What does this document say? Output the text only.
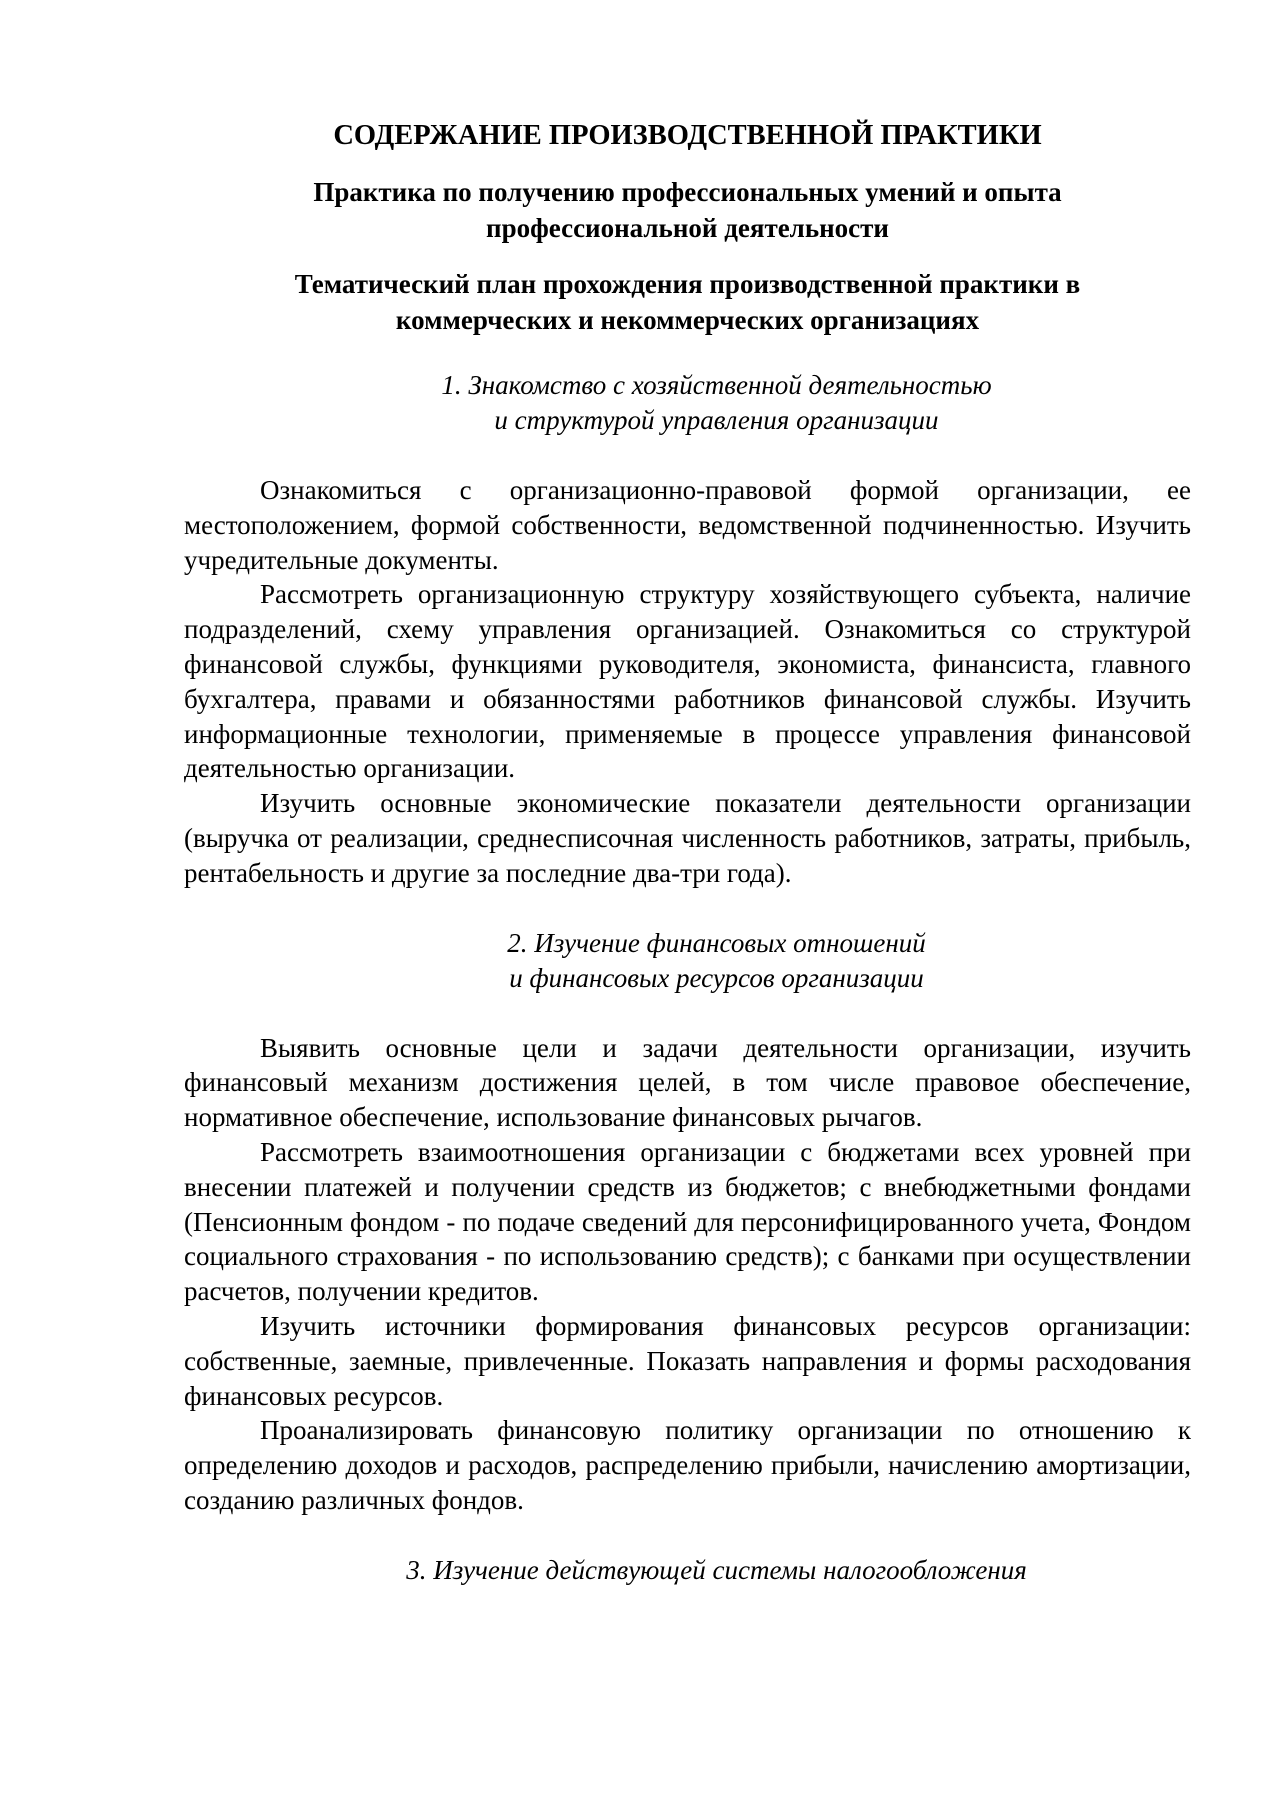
СОДЕРЖАНИЕ ПРОИЗВОДСТВЕННОЙ ПРАКТИКИ
Практика по получению профессиональных умений и опыта
профессиональной деятельности
Тематический план прохождения производственной практики в
коммерческих и некоммерческих организациях
1. Знакомство с хозяйственной деятельностью
и структурой управления организации

Ознакомиться с организационно-правовой формой организации, ее местоположением, формой собственности, ведомственной подчиненностью. Изучить учредительные документы.

Рассмотреть организационную структуру хозяйствующего субъекта, наличие подразделений, схему управления организацией. Ознакомиться со структурой финансовой службы, функциями руководителя, экономиста, финансиста, главного бухгалтера, правами и обязанностями работников финансовой службы. Изучить информационные технологии, применяемые в процессе управления финансовой деятельностью организации.

Изучить основные экономические показатели деятельности организации (выручка от реализации, среднесписочная численность работников, затраты, прибыль, рентабельность и другие за последние два-три года).

2. Изучение финансовых отношений
и финансовых ресурсов организации

Выявить основные цели и задачи деятельности организации, изучить финансовый механизм достижения целей, в том числе правовое обеспечение, нормативное обеспечение, использование финансовых рычагов.

Рассмотреть взаимоотношения организации с бюджетами всех уровней при внесении платежей и получении средств из бюджетов; с внебюджетными фондами (Пенсионным фондом - по подаче сведений для персонифицированного учета, Фондом социального страхования - по использованию средств); с банками при осуществлении расчетов, получении кредитов.

Изучить источники формирования финансовых ресурсов организации: собственные, заемные, привлеченные. Показать направления и формы расходования финансовых ресурсов.

Проанализировать финансовую политику организации по отношению к определению доходов и расходов, распределению прибыли, начислению амортизации, созданию различных фондов.

3. Изучение действующей системы налогообложения
